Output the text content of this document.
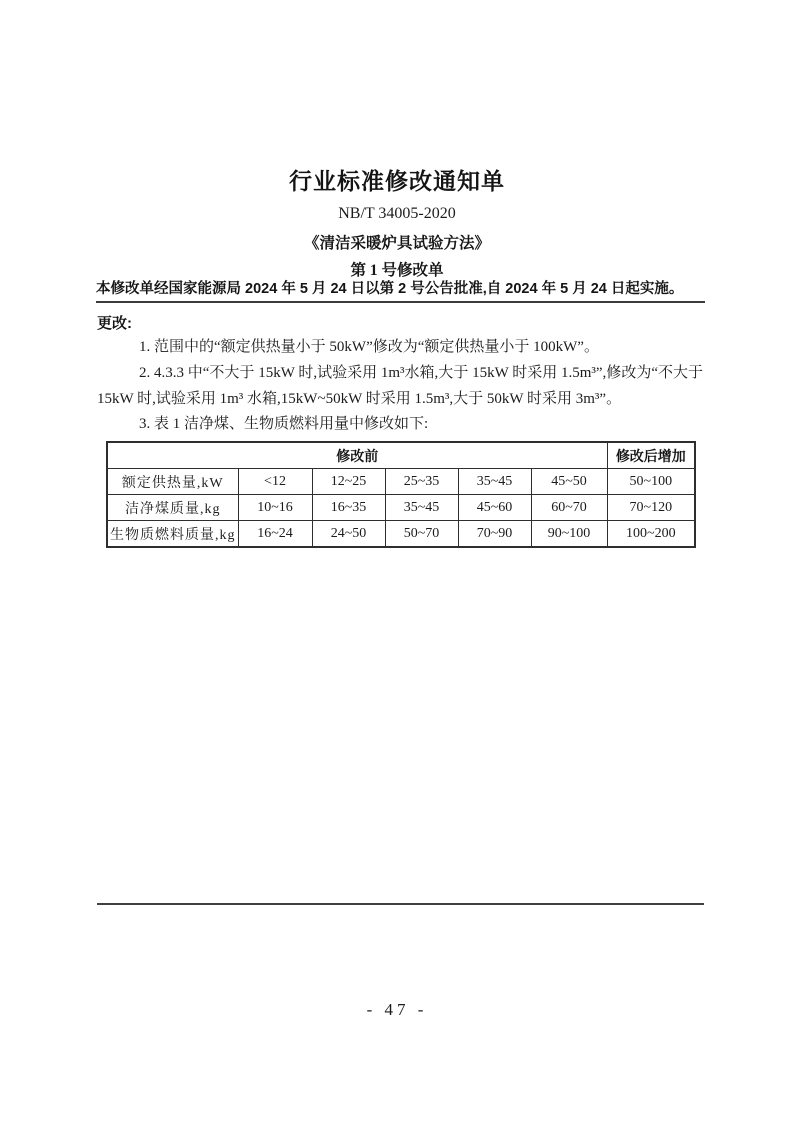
行业标准修改通知单
NB/T 34005-2020
《清洁采暖炉具试验方法》
第 1 号修改单
本修改单经国家能源局 2024 年 5 月 24 日以第 2 号公告批准,自 2024 年 5 月 24 日起实施。
更改:

1. 范围中的“额定供热量小于 50kW”修改为“额定供热量小于 100kW”。

2. 4.3.3 中“不大于 15kW 时,试验采用 1m³水箱,大于 15kW 时采用 1.5m³”,修改为“不大于 15kW 时,试验采用 1m³ 水箱,15kW~50kW 时采用 1.5m³,大于 50kW 时采用 3m³”。

3. 表 1 洁净煤、生物质燃料用量中修改如下:

修改前						修改后增加
额定供热量,kW	<12	12~25	25~35	35~45	45~50	50~100
洁净煤质量,kg	10~16	16~35	35~45	45~60	60~70	70~120
生物质燃料质量,kg	16~24	24~50	50~70	70~90	90~100	100~200
- 47 -
